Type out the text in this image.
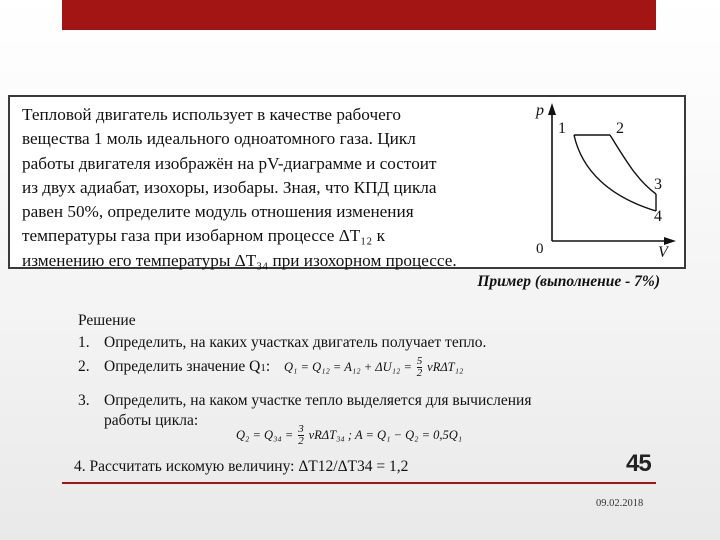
Тепловой двигатель использует в качестве рабочего
вещества 1 моль идеального одноатомного газа. Цикл
работы двигателя изображён на pV-диаграмме и состоит
из двух адиабат, изохоры, изобары. Зная, что КПД цикла
равен 50%, определите модуль отношения изменения
температуры газа при изобарном процессе ΔT₁₂ к
изменению его температуры ΔT₃₄ при изохорном процессе.
p
V
0
1	2
3
4
Пример (выполнение - 7%)
Решение
1. Определить, на каких участках двигатель получает тепло.
2. Определить значение Q1: $Q_1 = Q_{12} = A_{12} + \Delta U_{12} = \frac{5}{2} \nu R\Delta T_{12}$
3. Определить, на каком участке тепло выделяется для вычисления
работы цикла:
$Q_2 = Q_{34} = \frac{3}{2} \nu R\Delta T_{34}$ ; A = Q₁ − Q₂ = 0,5Q₁
4. Рассчитать искомую величину: ΔT12/ΔT34 = 1,2	45
09.02.2018
